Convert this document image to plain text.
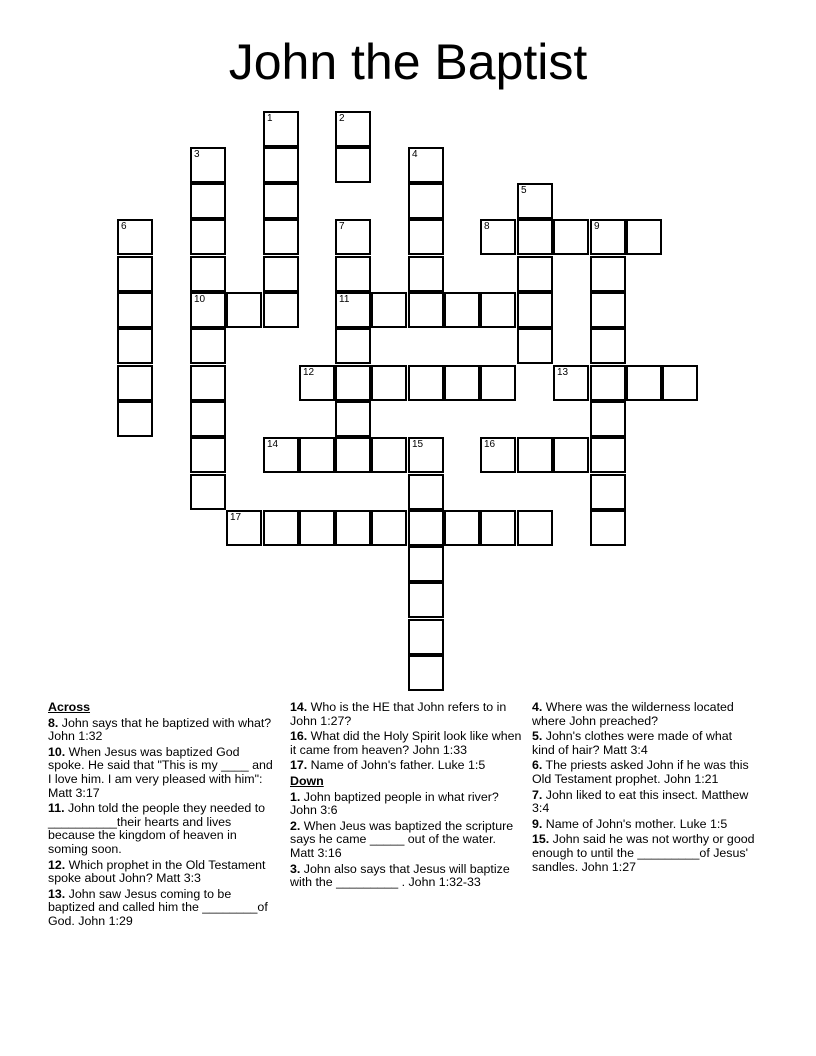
John the Baptist
1	2
3	4
5
6	7	8	9
10	11
12	13
14	15	16
17
Across
8. John says that he baptized with what? John 1:32
10. When Jesus was baptized God spoke. He said that "This is my ____ and I love him. I am very pleased with him": Matt 3:17
11. John told the people they needed to __________their hearts and lives because the kingdom of heaven in soming soon.
12. Which prophet in the Old Testament spoke about John? Matt 3:3
13. John saw Jesus coming to be baptized and called him the ________of God. John 1:29
14. Who is the HE that John refers to in John 1:27?
16. What did the Holy Spirit look like when it came from heaven? John 1:33
17. Name of John's father. Luke 1:5
Down
1. John baptized people in what river? John 3:6
2. When Jeus was baptized the scripture says he came _____ out of the water. Matt 3:16
3. John also says that Jesus will baptize with the _________ . John 1:32-33
4. Where was the wilderness located where John preached?
5. John's clothes were made of what kind of hair? Matt 3:4
6. The priests asked John if he was this Old Testament prophet. John 1:21
7. John liked to eat this insect. Matthew 3:4
9. Name of John's mother. Luke 1:5
15. John said he was not worthy or good enough to until the _________of Jesus' sandles. John 1:27
